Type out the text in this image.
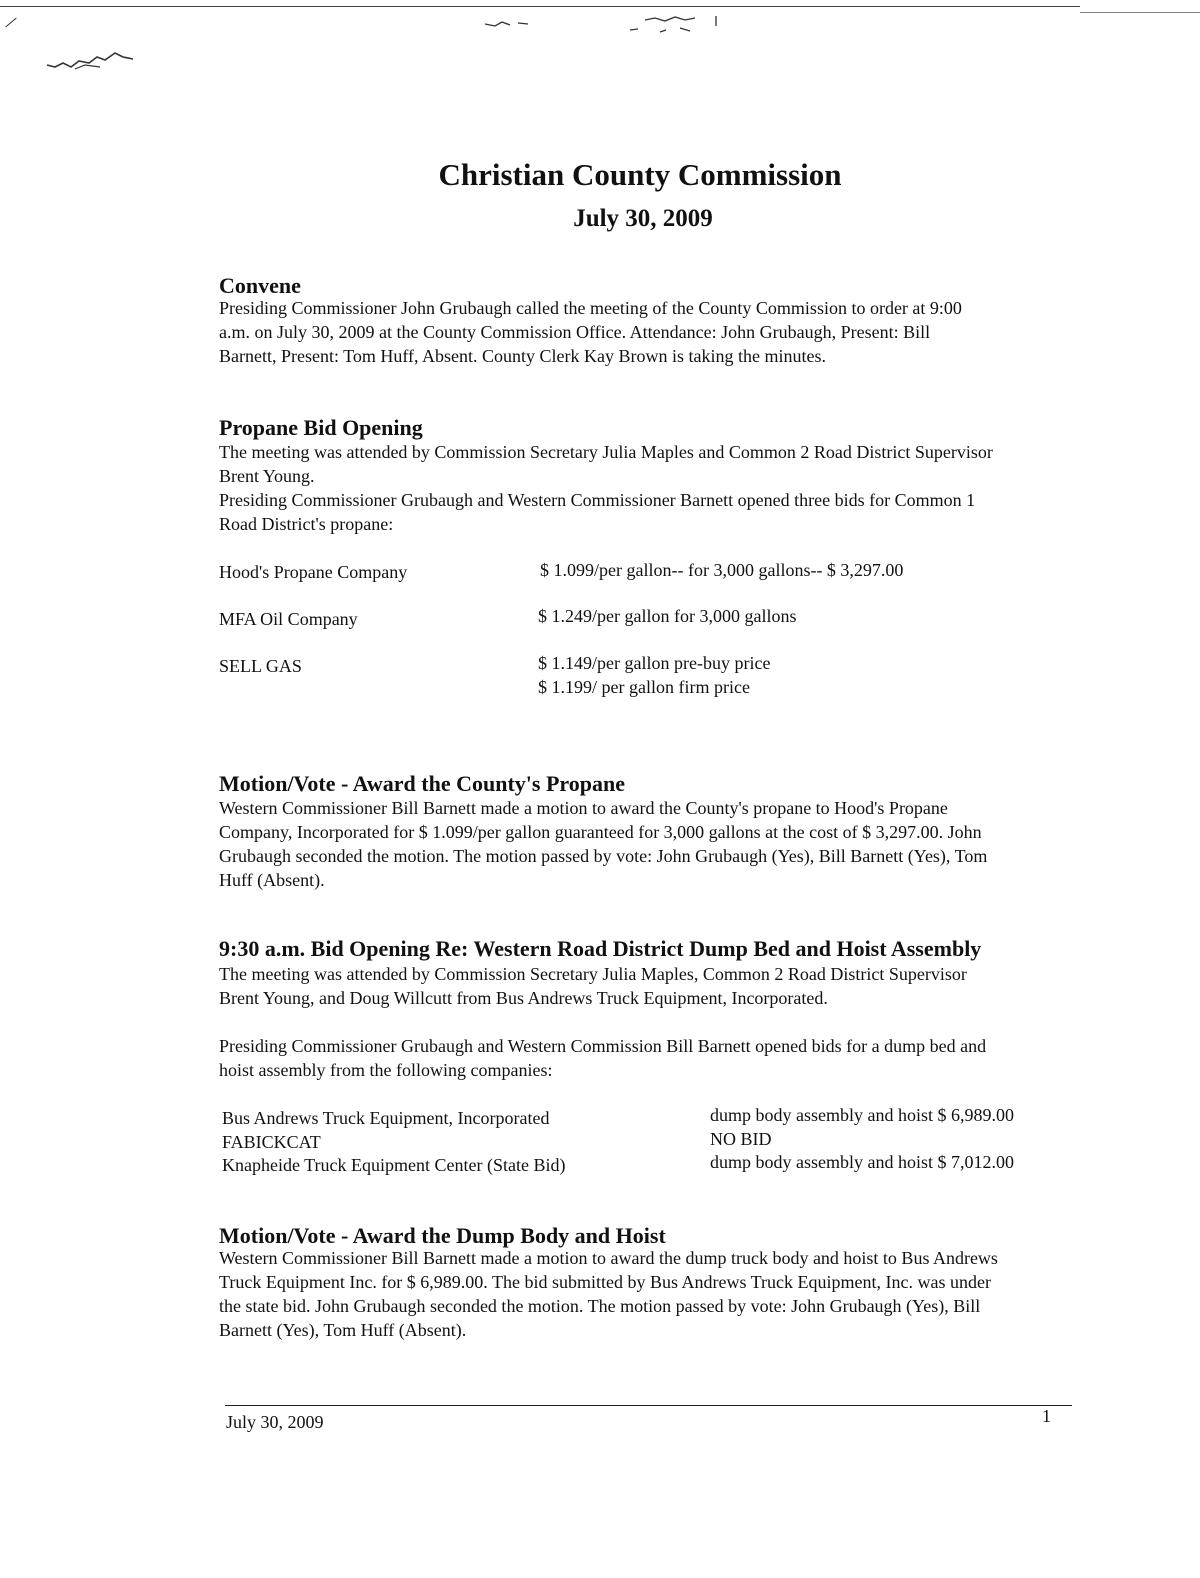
Christian County Commission
July 30, 2009
Convene
Presiding Commissioner John Grubaugh called the meeting of the County Commission to order at 9:00
a.m. on July 30, 2009 at the County Commission Office. Attendance: John Grubaugh, Present: Bill
Barnett, Present: Tom Huff, Absent. County Clerk Kay Brown is taking the minutes.
Propane Bid Opening
The meeting was attended by Commission Secretary Julia Maples and Common 2 Road District Supervisor
Brent Young.
Presiding Commissioner Grubaugh and Western Commissioner Barnett opened three bids for Common 1
Road District's propane:
Hood's Propane Company	$ 1.099/per gallon-- for 3,000 gallons-- $ 3,297.00
MFA Oil Company	$ 1.249/per gallon for 3,000 gallons
SELL GAS	$ 1.149/per gallon pre-buy price
$ 1.199/ per gallon firm price
Motion/Vote - Award the County's Propane
Western Commissioner Bill Barnett made a motion to award the County's propane to Hood's Propane
Company, Incorporated for $ 1.099/per gallon guaranteed for 3,000 gallons at the cost of $ 3,297.00. John
Grubaugh seconded the motion. The motion passed by vote: John Grubaugh (Yes), Bill Barnett (Yes), Tom
Huff (Absent).
9:30 a.m. Bid Opening Re: Western Road District Dump Bed and Hoist Assembly
The meeting was attended by Commission Secretary Julia Maples, Common 2 Road District Supervisor
Brent Young, and Doug Willcutt from Bus Andrews Truck Equipment, Incorporated.
Presiding Commissioner Grubaugh and Western Commission Bill Barnett opened bids for a dump bed and
hoist assembly from the following companies:
Bus Andrews Truck Equipment, Incorporated	dump body assembly and hoist $ 6,989.00
FABICKCAT	NO BID
Knapheide Truck Equipment Center (State Bid)	dump body assembly and hoist $ 7,012.00
Motion/Vote - Award the Dump Body and Hoist
Western Commissioner Bill Barnett made a motion to award the dump truck body and hoist to Bus Andrews
Truck Equipment Inc. for $ 6,989.00. The bid submitted by Bus Andrews Truck Equipment, Inc. was under
the state bid. John Grubaugh seconded the motion. The motion passed by vote: John Grubaugh (Yes), Bill
Barnett (Yes), Tom Huff (Absent).
July 30, 2009	1
